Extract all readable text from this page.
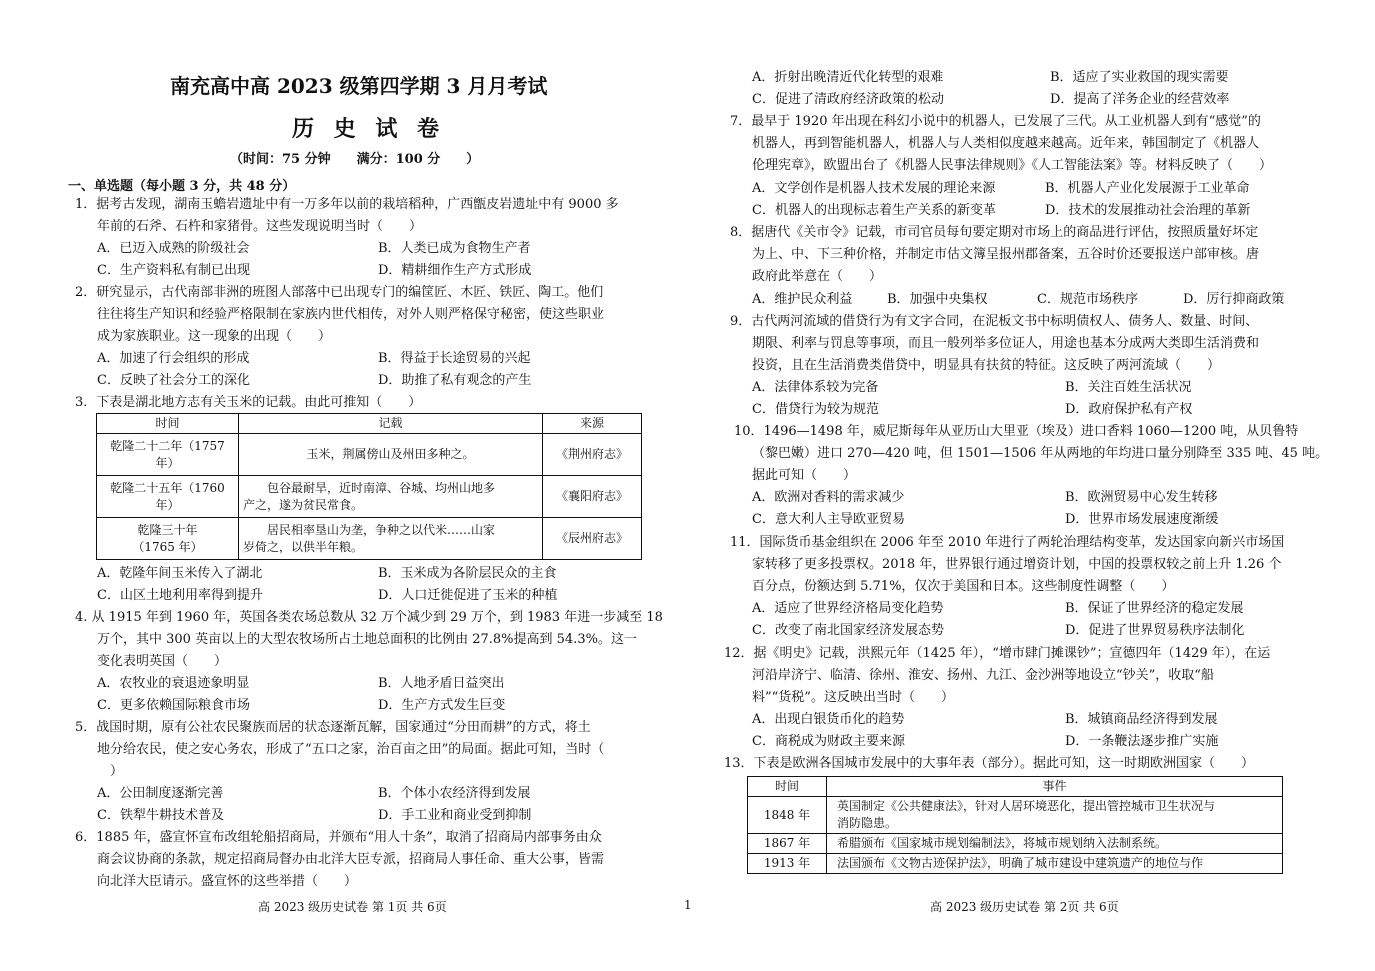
南充高中高 2023 级第四学期 3 月月考试
历 史 试 卷
（时间：75 分钟　　满分：100 分　　）
一、单选题（每小题 3 分，共 48 分）
1．据考古发现，湖南玉蟾岩遗址中有一万多年以前的栽培稻种，广西甑皮岩遗址中有 9000 多
年前的石斧、石杵和家猪骨。这些发现说明当时（　　）
A．已迈入成熟的阶级社会	B．人类已成为食物生产者
C．生产资料私有制已出现	D．精耕细作生产方式形成
2．研究显示，古代南部非洲的班图人部落中已出现专门的编筐匠、木匠、铁匠、陶工。他们
往往将生产知识和经验严格限制在家族内世代相传，对外人则严格保守秘密，使这些职业
成为家族职业。这一现象的出现（　　）
A．加速了行会组织的形成	B．得益于长途贸易的兴起
C．反映了社会分工的深化	D．助推了私有观念的产生
3．下表是湖北地方志有关玉米的记载。由此可推知（　　）
A．乾隆年间玉米传入了湖北	B．玉米成为各阶层民众的主食
C．山区土地利用率得到提升	D．人口迁徙促进了玉米的种植
4. 从 1915 年到 1960 年，英国各类农场总数从 32 万个减少到 29 万个，到 1983 年进一步减至 18
万个，其中 300 英亩以上的大型农牧场所占土地总面积的比例由 27.8%提高到 54.3%。这一
变化表明英国（　　）
A．农牧业的衰退迹象明显	B．人地矛盾日益突出
C．更多依赖国际粮食市场	D．生产方式发生巨变
5．战国时期，原有公社农民聚族而居的状态逐渐瓦解，国家通过“分田而耕”的方式，将土
地分给农民，使之安心务农，形成了“五口之家，治百亩之田”的局面。据此可知，当时（
）
A．公田制度逐渐完善	B．个体小农经济得到发展
C．铁犁牛耕技术普及	D．手工业和商业受到抑制
6．1885 年，盛宣怀宣布改组轮船招商局，并颁布“用人十条”，取消了招商局内部事务由众
商会议协商的条款，规定招商局督办由北洋大臣专派，招商局人事任命、重大公事，皆需
向北洋大臣请示。盛宣怀的这些举措（　　）
时间	记载	来源
乾隆二十二年（1757
年）	玉米，荆属傍山及州田多种之。	《荆州府志》
乾隆二十五年（1760
年）	包谷最耐旱，近时南漳、谷城、均州山地多
产之，遂为贫民常食。	《襄阳府志》
乾隆三十年
（1765 年）	居民相率垦山为垄，争种之以代米……山家
岁倚之，以供半年粮。	《辰州府志》
A．折射出晚清近代化转型的艰难	B．适应了实业救国的现实需要
C．促进了清政府经济政策的松动	D．提高了洋务企业的经营效率
7．最早于 1920 年出现在科幻小说中的机器人，已发展了三代。从工业机器人到有“感觉”的
机器人，再到智能机器人，机器人与人类相似度越来越高。近年来，韩国制定了《机器人
伦理宪章》，欧盟出台了《机器人民事法律规则》《人工智能法案》等。材料反映了（　　）
A．文学创作是机器人技术发展的理论来源	B．机器人产业化发展源于工业革命
C．机器人的出现标志着生产关系的新变革	D．技术的发展推动社会治理的革新
8．据唐代《关市令》记载，市司官员每旬要定期对市场上的商品进行评估，按照质量好坏定
为上、中、下三种价格，并制定市估文簿呈报州郡备案，五谷时价还要报送户部审核。唐
政府此举意在（　　）
A．维护民众利益	B．加强中央集权	C．规范市场秩序	D．厉行抑商政策
9．古代两河流域的借贷行为有文字合同，在泥板文书中标明债权人、债务人、数量、时间、
期限、利率与罚息等事项，而且一般列举多位证人，用途也基本分成两大类即生活消费和
投资，且在生活消费类借贷中，明显具有扶贫的特征。这反映了两河流域（　　）
A．法律体系较为完备	B．关注百姓生活状况
C．借贷行为较为规范	D．政府保护私有产权
10．1496—1498 年，威尼斯每年从亚历山大里亚（埃及）进口香料 1060—1200 吨，从贝鲁特
（黎巴嫩）进口 270—420 吨，但 1501—1506 年从两地的年均进口量分别降至 335 吨、45 吨。
据此可知（　　）
A．欧洲对香料的需求减少	B．欧洲贸易中心发生转移
C．意大利人主导欧亚贸易	D．世界市场发展速度渐缓
11．国际货币基金组织在 2006 年至 2010 年进行了两轮治理结构变革，发达国家向新兴市场国
家转移了更多投票权。2018 年，世界银行通过增资计划，中国的投票权较之前上升 1.26 个
百分点，份额达到 5.71%，仅次于美国和日本。这些制度性调整（　　）
A．适应了世界经济格局变化趋势	B．保证了世界经济的稳定发展
C．改变了南北国家经济发展态势	D．促进了世界贸易秩序法制化
12．据《明史》记载，洪熙元年（1425 年），“增市肆门摊课钞”；宣德四年（1429 年），在运
河沿岸济宁、临清、徐州、淮安、扬州、九江、金沙洲等地设立“钞关”，收取“船
料”“货税”。这反映出当时（　　）
A．出现白银货币化的趋势	B．城镇商品经济得到发展
C．商税成为财政主要来源	D．一条鞭法逐步推广实施
13．下表是欧洲各国城市发展中的大事年表（部分）。据此可知，这一时期欧洲国家（　　）
时间	事件
1848 年	英国制定《公共健康法》，针对人居环境恶化，提出管控城市卫生状况与
消防隐患。
1867 年	希腊颁布《国家城市规划编制法》，将城市规划纳入法制系统。
1913 年	法国颁布《文物古迹保护法》，明确了城市建设中建筑遗产的地位与作
高 2023 级历史试卷 第 1页 共 6页	1	高 2023 级历史试卷 第 2页 共 6页
